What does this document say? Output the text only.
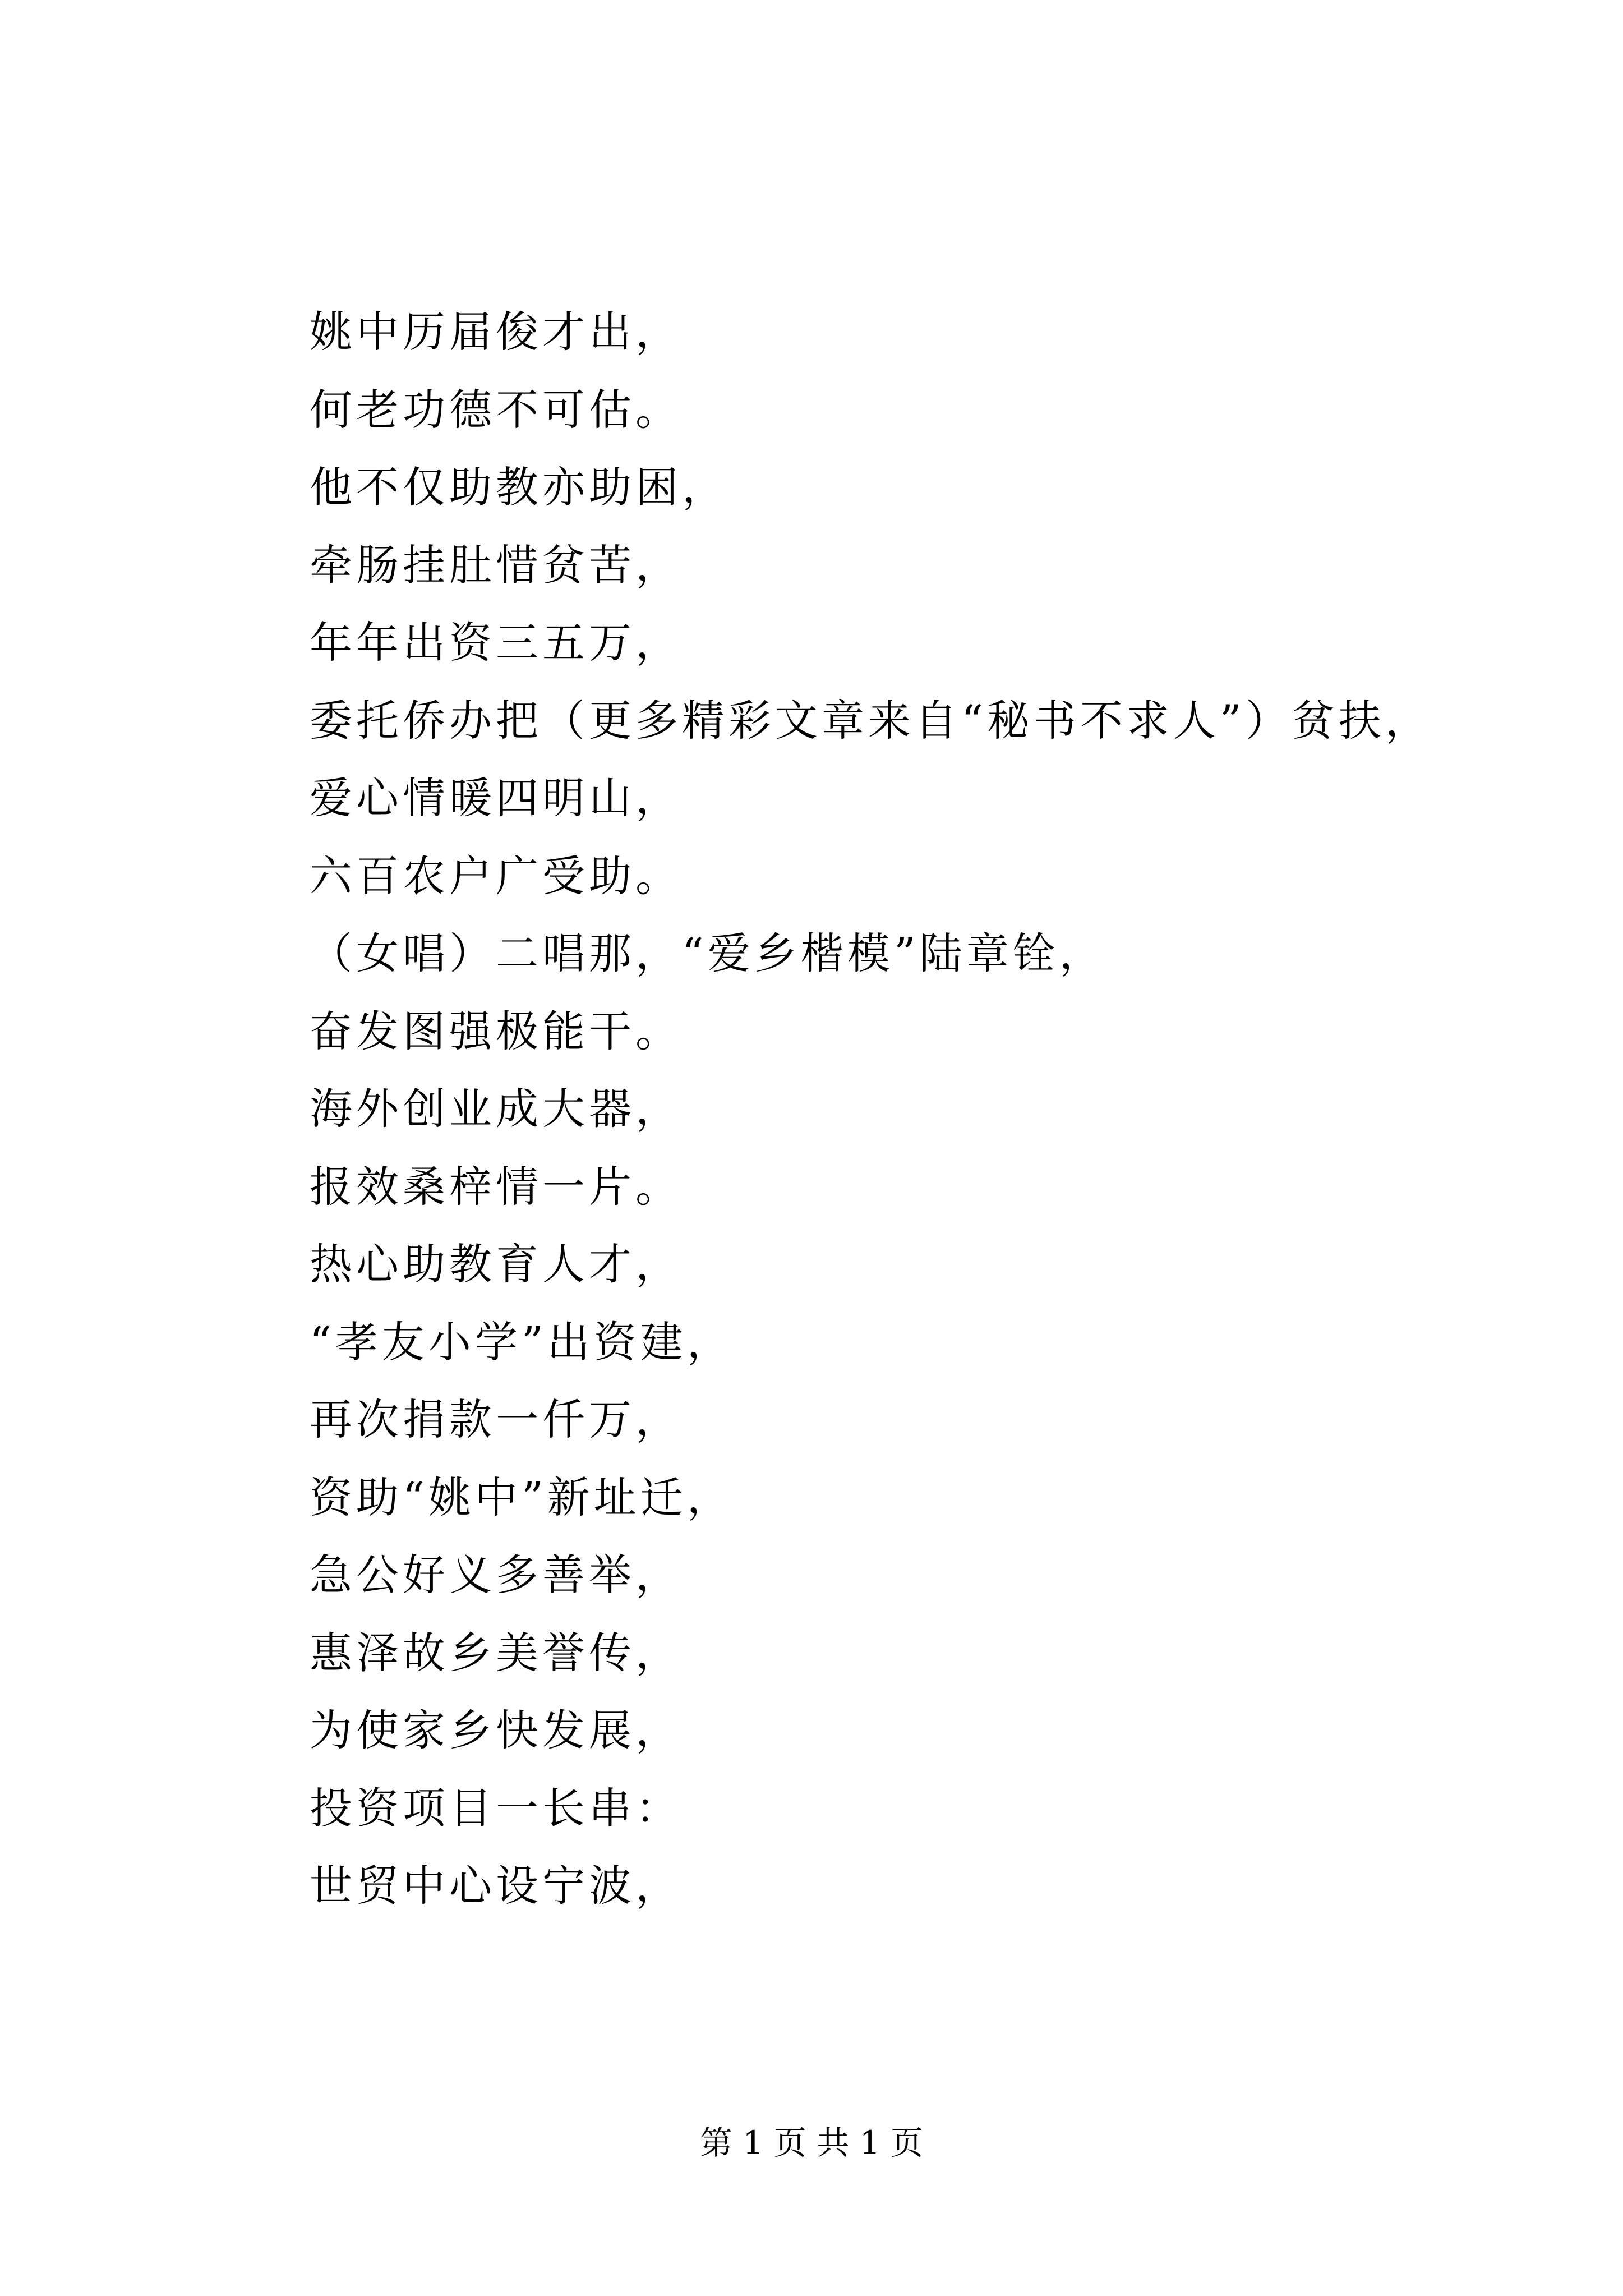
姚中历届俊才出，
何老功德不可估。
他不仅助教亦助困，
牵肠挂肚惜贫苦，
年年出资三五万，
委托侨办把（更多精彩文章来自“秘书不求人”）贫扶，
爱心情暖四明山，
六百农户广受助。
（女唱）二唱那，“爱乡楷模”陆章铨，
奋发图强极能干。
海外创业成大器，
报效桑梓情一片。
热心助教育人才，
“孝友小学”出资建，
再次捐款一仟万，
资助“姚中”新址迁，
急公好义多善举，
惠泽故乡美誉传，
为使家乡快发展，
投资项目一长串：
世贸中心设宁波，
第 1 页 共 1 页
